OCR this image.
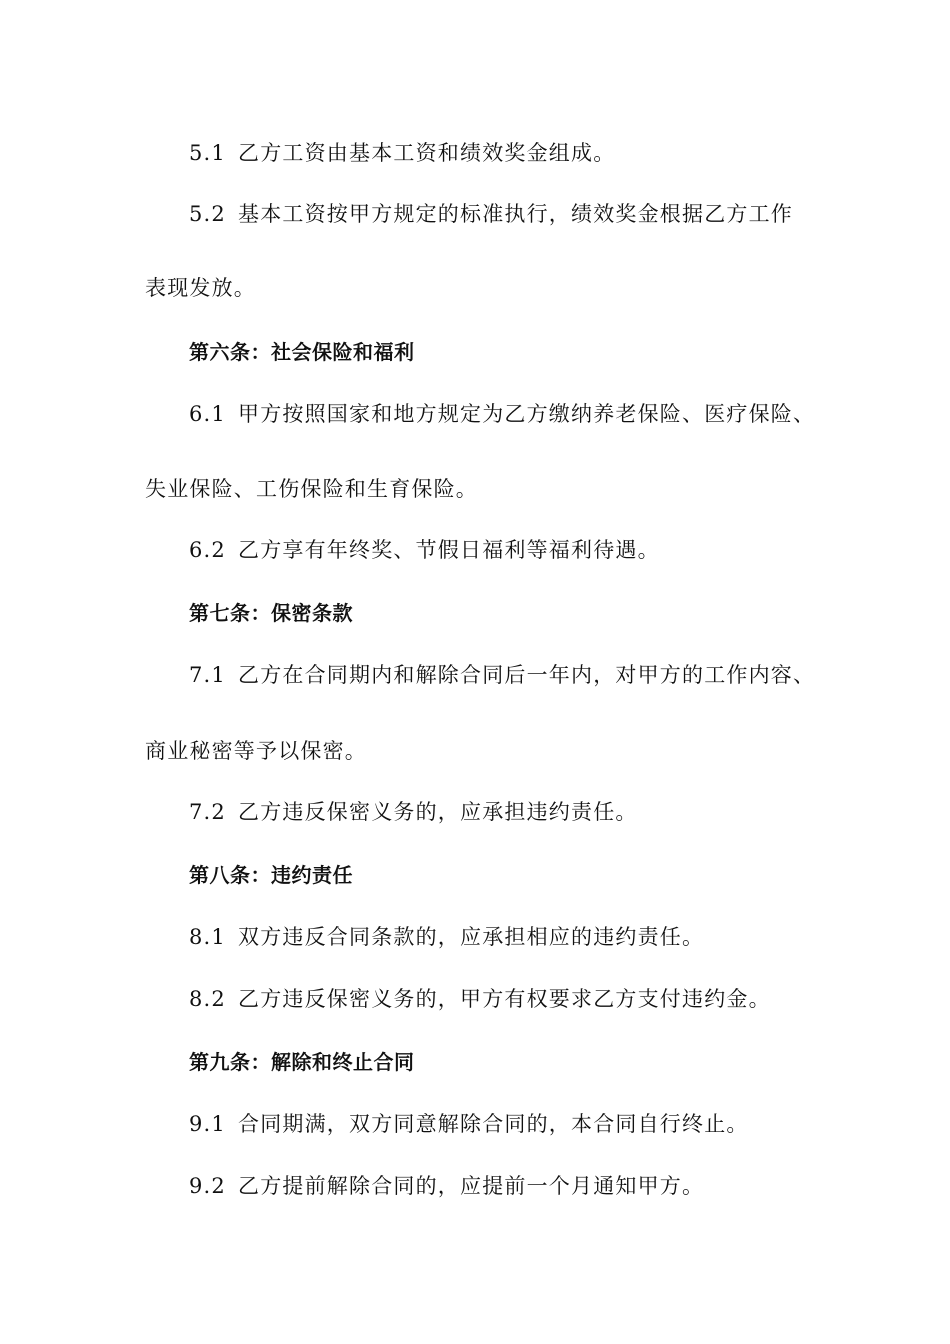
5.1 乙方工资由基本工资和绩效奖金组成。
5.2 基本工资按甲方规定的标准执行，绩效奖金根据乙方工作
表现发放。
第六条：社会保险和福利
6.1 甲方按照国家和地方规定为乙方缴纳养老保险、医疗保险、
失业保险、工伤保险和生育保险。
6.2 乙方享有年终奖、节假日福利等福利待遇。
第七条：保密条款
7.1 乙方在合同期内和解除合同后一年内，对甲方的工作内容、
商业秘密等予以保密。
7.2 乙方违反保密义务的，应承担违约责任。
第八条：违约责任
8.1 双方违反合同条款的，应承担相应的违约责任。
8.2 乙方违反保密义务的，甲方有权要求乙方支付违约金。
第九条：解除和终止合同
9.1 合同期满，双方同意解除合同的，本合同自行终止。
9.2 乙方提前解除合同的，应提前一个月通知甲方。
